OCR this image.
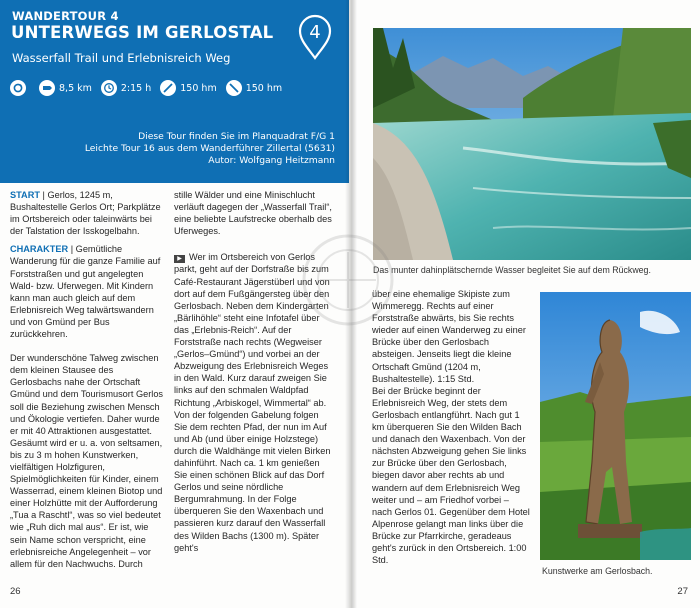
WANDERTOUR 4
UNTERWEGS IM GERLOSTAL
Wasserfall Trail und Erlebnisreich Weg
4
8,5 km	2:15 h	150 hm	150 hm
Diese Tour finden Sie im Planquadrat F/G 1
Leichte Tour 16 aus dem Wanderführer Zillertal (5631)
Autor: Wolfgang Heitzmann

START | Gerlos, 1245 m, Bushaltestelle Gerlos Ort; Parkplätze im Ortsbereich oder taleinwärts bei der Talstation der Isskogelbahn.

CHARAKTER | Gemütliche Wanderung für die ganze Familie auf Forststraßen und gut angelegten Wald- bzw. Uferwegen. Mit Kindern kann man auch gleich auf dem Erlebnisreich Weg talwärtswandern und von Gmünd per Bus zurückkehren.

Der wunderschöne Talweg zwischen dem kleinen Stausee des Gerlosbachs nahe der Ortschaft Gmünd und dem Tourismusort Gerlos soll die Beziehung zwischen Mensch und Ökologie vertiefen. Daher wurde er mit 40 Attraktionen ausgestattet. Gesäumt wird er u. a. von seltsamen, bis zu 3 m hohen Kunstwerken, vielfältigen Holzfiguren, Spielmöglichkeiten für Kinder, einem Wasserrad, einem kleinen Biotop und einer Holzhütte mit der Aufforderung „Tua a Raschtl“, was so viel bedeutet wie „Ruh dich mal aus“. Er ist, wie sein Name schon verspricht, eine erlebnisreiche Angelegenheit – vor allem für den Nachwuchs. Durch

stille Wälder und eine Minischlucht verläuft dagegen der „Wasserfall Trail“, eine beliebte Laufstrecke oberhalb des Uferweges.

▶ Wer im Ortsbereich von Gerlos parkt, geht auf der Dorfstraße bis zum Café-Restaurant Jägerstüberl und von dort auf dem Fußgängersteg über den Gerlosbach. Neben dem Kindergarten „Bärlihöhle“ steht eine Infotafel über das „Erlebnis-Reich“. Auf der Forststraße nach rechts (Wegweiser „Gerlos–Gmünd“) und vorbei an der Abzweigung des Erlebnisreich Weges in den Wald. Kurz darauf zweigen Sie links auf den schmalen Waldpfad Richtung „Arbiskogel, Wimmertal“ ab. Von der folgenden Gabelung folgen Sie dem rechten Pfad, der nun im Auf und Ab (und über einige Holzstege) durch die Waldhänge mit vielen Birken dahinführt. Nach ca. 1 km genießen Sie einen schönen Blick auf das Dorf Gerlos und seine nördliche Bergumrahmung. In der Folge überqueren Sie den Waxenbach und passieren kurz darauf den Wasserfall des Wilden Bachs (1300 m). Später geht's

26
Das munter dahinplätschernde Wasser begleitet Sie auf dem Rückweg.

über eine ehemalige Skipiste zum Wimmeregg. Rechts auf einer Forststraße abwärts, bis Sie rechts wieder auf einen Wanderweg zu einer Brücke über den Gerlosbach absteigen. Jenseits liegt die kleine Ortschaft Gmünd (1204 m, Bushaltestelle). 1:15 Std.

Bei der Brücke beginnt der Erlebnisreich Weg, der stets dem Gerlosbach entlangführt. Nach gut 1 km überqueren Sie den Wilden Bach und danach den Waxenbach. Von der nächsten Abzweigung gehen Sie links zur Brücke über den Gerlosbach, biegen davor aber rechts ab und wandern auf dem Erlebnisreich Weg weiter und – am Friedhof vorbei – nach Gerlos 01. Gegenüber dem Hotel Alpenrose gelangt man links über die Brücke zur Pfarrkirche, geradeaus geht's zurück in den Ortsbereich. 1:00 Std.

Kunstwerke am Gerlosbach.
27
